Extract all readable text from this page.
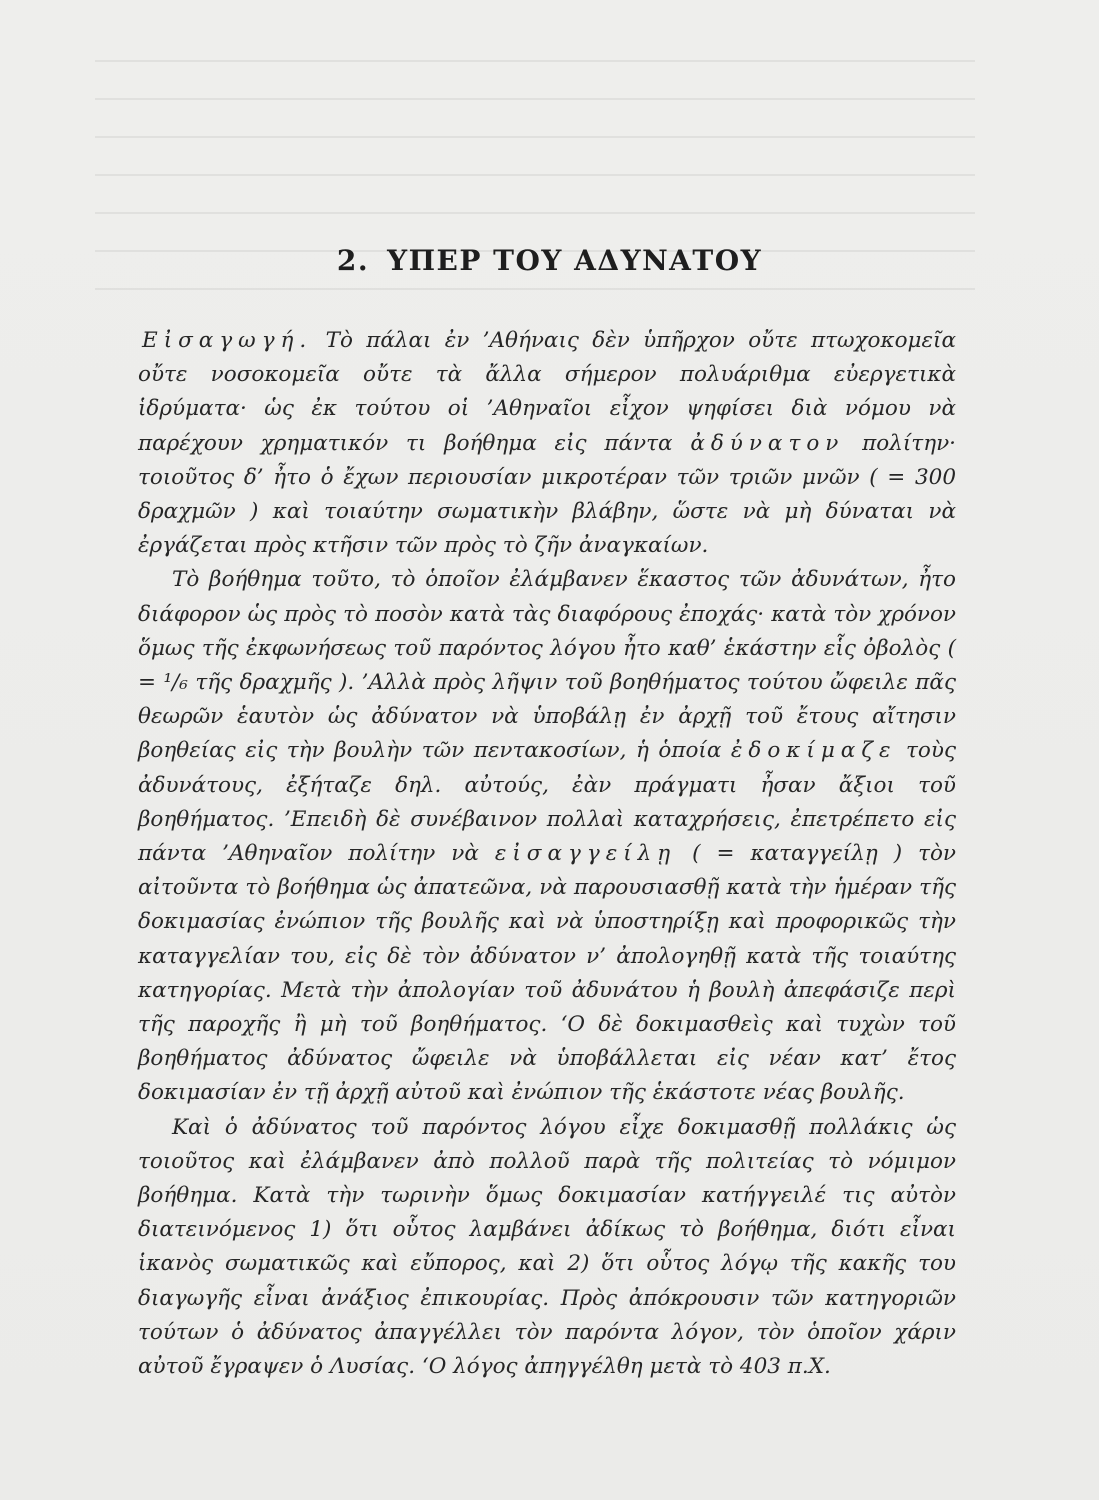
2. ΥΠΕΡ ΤΟΥ ΑΔΥΝΑΤΟΥ

Εἰσαγωγή. Τὸ πάλαι ἐν ’Αθήναις δὲν ὑπῆρχον οὔτε πτωχοκομεῖα οὔτε νοσοκομεῖα οὔτε τὰ ἄλλα σήμερον πολυάριθμα εὐεργετικὰ ἱδρύματα· ὡς ἐκ τούτου οἱ ’Αθηναῖοι εἶχον ψηφίσει διὰ νόμου νὰ παρέχουν χρηματικόν τι βοήθημα εἰς πάντα ἀδύνατον πολίτην· τοιοῦτος δ’ ἦτο ὁ ἔχων περιουσίαν μικροτέραν τῶν τριῶν μνῶν ( = 300 δραχμῶν ) καὶ τοιαύτην σωματικὴν βλάβην, ὥστε νὰ μὴ δύναται νὰ ἐργάζεται πρὸς κτῆσιν τῶν πρὸς τὸ ζῆν ἀναγκαίων.

Τὸ βοήθημα τοῦτο, τὸ ὁποῖον ἐλάμβανεν ἕκαστος τῶν ἀδυνάτων, ἦτο διάφορον ὡς πρὸς τὸ ποσὸν κατὰ τὰς διαφόρους ἐποχάς· κατὰ τὸν χρόνον ὅμως τῆς ἐκφωνήσεως τοῦ παρόντος λόγου ἦτο καθ’ ἑκάστην εἷς ὀβολὸς ( = ¹/₆ τῆς δραχμῆς ). ’Αλλὰ πρὸς λῆψιν τοῦ βοηθήματος τούτου ὤφειλε πᾶς θεωρῶν ἑαυτὸν ὡς ἀδύνατον νὰ ὑποβάλῃ ἐν ἀρχῇ τοῦ ἔτους αἴτησιν βοηθείας εἰς τὴν βουλὴν τῶν πεντακοσίων, ἡ ὁποία ἐδοκίμαζε τοὺς ἀδυνάτους, ἐξήταζε δηλ. αὐτούς, ἐὰν πράγματι ἦσαν ἄξιοι τοῦ βοηθήματος. ’Επειδὴ δὲ συνέβαινον πολλαὶ καταχρήσεις, ἐπετρέπετο εἰς πάντα ’Αθηναῖον πολίτην νὰ εἰσαγγείλῃ ( = καταγγείλῃ ) τὸν αἰτοῦντα τὸ βοήθημα ὡς ἀπατεῶνα, νὰ παρουσιασθῇ κατὰ τὴν ἡμέραν τῆς δοκιμασίας ἐνώπιον τῆς βουλῆς καὶ νὰ ὑποστηρίξῃ καὶ προφορικῶς τὴν καταγγελίαν του, εἰς δὲ τὸν ἀδύνατον ν’ ἀπολογηθῇ κατὰ τῆς τοιαύτης κατηγορίας. Μετὰ τὴν ἀπολογίαν τοῦ ἀδυνάτου ἡ βουλὴ ἀπεφάσιζε περὶ τῆς παροχῆς ἢ μὴ τοῦ βοηθήματος. ‘Ο δὲ δοκιμασθεὶς καὶ τυχὼν τοῦ βοηθήματος ἀδύνατος ὤφειλε νὰ ὑποβάλλεται εἰς νέαν κατ’ ἔτος δοκιμασίαν ἐν τῇ ἀρχῇ αὐτοῦ καὶ ἐνώπιον τῆς ἑκάστοτε νέας βουλῆς.

Καὶ ὁ ἀδύνατος τοῦ παρόντος λόγου εἶχε δοκιμασθῇ πολλάκις ὡς τοιοῦτος καὶ ἐλάμβανεν ἀπὸ πολλοῦ παρὰ τῆς πολιτείας τὸ νόμιμον βοήθημα. Κατὰ τὴν τωρινὴν ὅμως δοκιμασίαν κατήγγειλέ τις αὐτὸν διατεινόμενος 1) ὅτι οὗτος λαμβάνει ἀδίκως τὸ βοήθημα, διότι εἶναι ἱκανὸς σωματικῶς καὶ εὔπορος, καὶ 2) ὅτι οὗτος λόγῳ τῆς κακῆς του διαγωγῆς εἶναι ἀνάξιος ἐπικουρίας. Πρὸς ἀπόκρουσιν τῶν κατηγοριῶν τούτων ὁ ἀδύνατος ἀπαγγέλλει τὸν παρόντα λόγον, τὸν ὁποῖον χάριν αὐτοῦ ἔγραψεν ὁ Λυσίας. ‘Ο λόγος ἀπηγγέλθη μετὰ τὸ 403 π.Χ.
